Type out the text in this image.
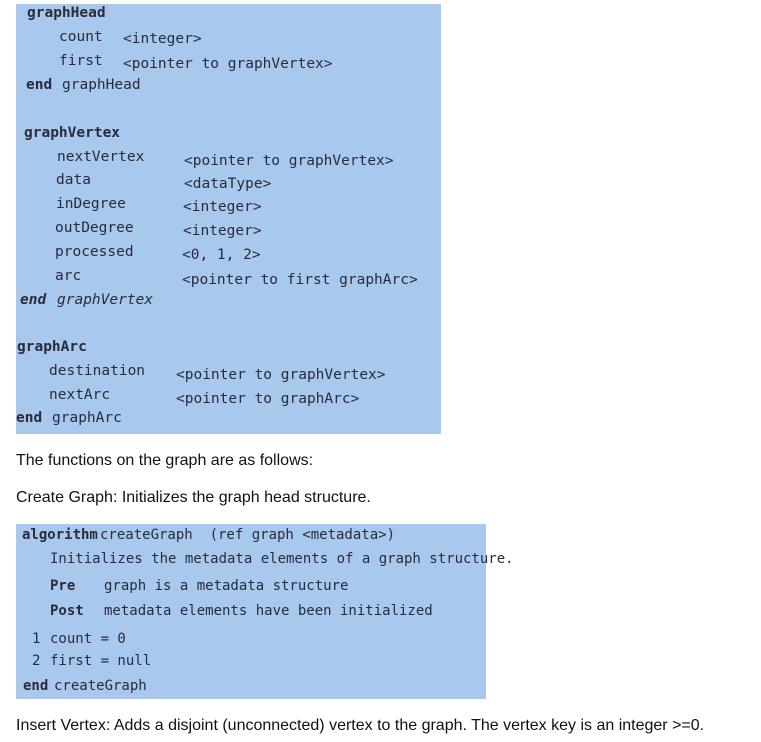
graphHead
count <integer>
first <pointer to graphVertex>
end graphHead
graphVertex
nextVertex	<pointer to graphVertex>
data	<dataType>
inDegree	<integer>
outDegree	<integer>
processed	<0, 1, 2>
arc	<pointer to first graphArc>
end graphVertex
graphArc
destination <pointer to graphVertex>
nextArc	<pointer to graphArc>
end graphArc
The functions on the graph are as follows:
Create Graph: Initializes the graph head structure.
algorithm createGraph  (ref graph <metadata>)
Initializes the metadata elements of a graph structure.
Pre graph is a metadata structure
Post metadata elements have been initialized
1 count = 0
2 first = null
end createGraph
Insert Vertex: Adds a disjoint (unconnected) vertex to the graph. The vertex key is an integer >=0.
